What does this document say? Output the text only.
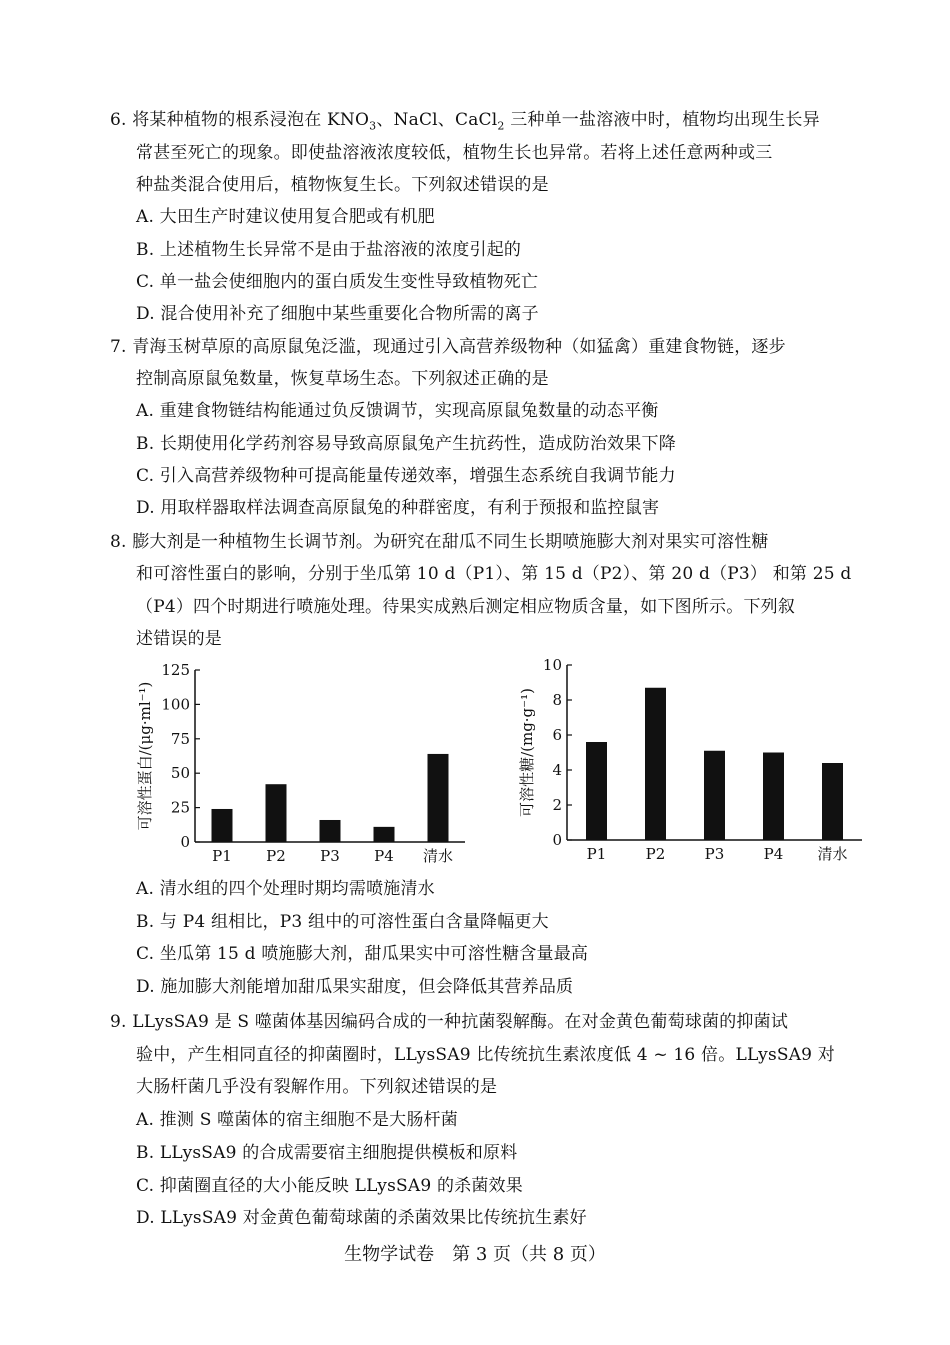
6. 将某种植物的根系浸泡在 $KNO_3$、NaCl、CaCl$_2$ 三种单一盐溶液中时，植物均出现生长异
常甚至死亡的现象。即使盐溶液浓度较低，植物生长也异常。若将上述任意两种或三
种盐类混合使用后，植物恢复生长。下列叙述错误的是
A. 大田生产时建议使用复合肥或有机肥
B. 上述植物生长异常不是由于盐溶液的浓度引起的
C. 单一盐会使细胞内的蛋白质发生变性导致植物死亡
D. 混合使用补充了细胞中某些重要化合物所需的离子
7. 青海玉树草原的高原鼠兔泛滥，现通过引入高营养级物种（如猛禽）重建食物链，逐步
控制高原鼠兔数量，恢复草场生态。下列叙述正确的是
A. 重建食物链结构能通过负反馈调节，实现高原鼠兔数量的动态平衡
B. 长期使用化学药剂容易导致高原鼠兔产生抗药性，造成防治效果下降
C. 引入高营养级物种可提高能量传递效率，增强生态系统自我调节能力
D. 用取样器取样法调查高原鼠兔的种群密度，有利于预报和监控鼠害
8. 膨大剂是一种植物生长调节剂。为研究在甜瓜不同生长期喷施膨大剂对果实可溶性糖
和可溶性蛋白的影响，分别于坐瓜第 10 d（P1）、第 15 d（P2）、第 20 d（P3） 和第 25 d
（P4）四个时期进行喷施处理。待果实成熟后测定相应物质含量，如下图所示。下列叙
述错误的是
可溶性蛋白/(μg·ml⁻¹)
0
25
50
75
100
125
P1 P2 P3 P4 清水
可溶性糖/(mg·g⁻¹)
0
2
4
6
8
10
P1	P2	P3	P4 清水
A. 清水组的四个处理时期均需喷施清水
B. 与 P4 组相比，P3 组中的可溶性蛋白含量降幅更大
C. 坐瓜第 15 d 喷施膨大剂，甜瓜果实中可溶性糖含量最高
D. 施加膨大剂能增加甜瓜果实甜度，但会降低其营养品质
9. LLysSA9 是 S 噬菌体基因编码合成的一种抗菌裂解酶。在对金黄色葡萄球菌的抑菌试
验中，产生相同直径的抑菌圈时，LLysSA9 比传统抗生素浓度低 4 ~ 16 倍。LLysSA9 对
大肠杆菌几乎没有裂解作用。下列叙述错误的是
A. 推测 S 噬菌体的宿主细胞不是大肠杆菌
B. LLysSA9 的合成需要宿主细胞提供模板和原料
C. 抑菌圈直径的大小能反映 LLysSA9 的杀菌效果
D. LLysSA9 对金黄色葡萄球菌的杀菌效果比传统抗生素好
生物学试卷　第 3 页（共 8 页）
